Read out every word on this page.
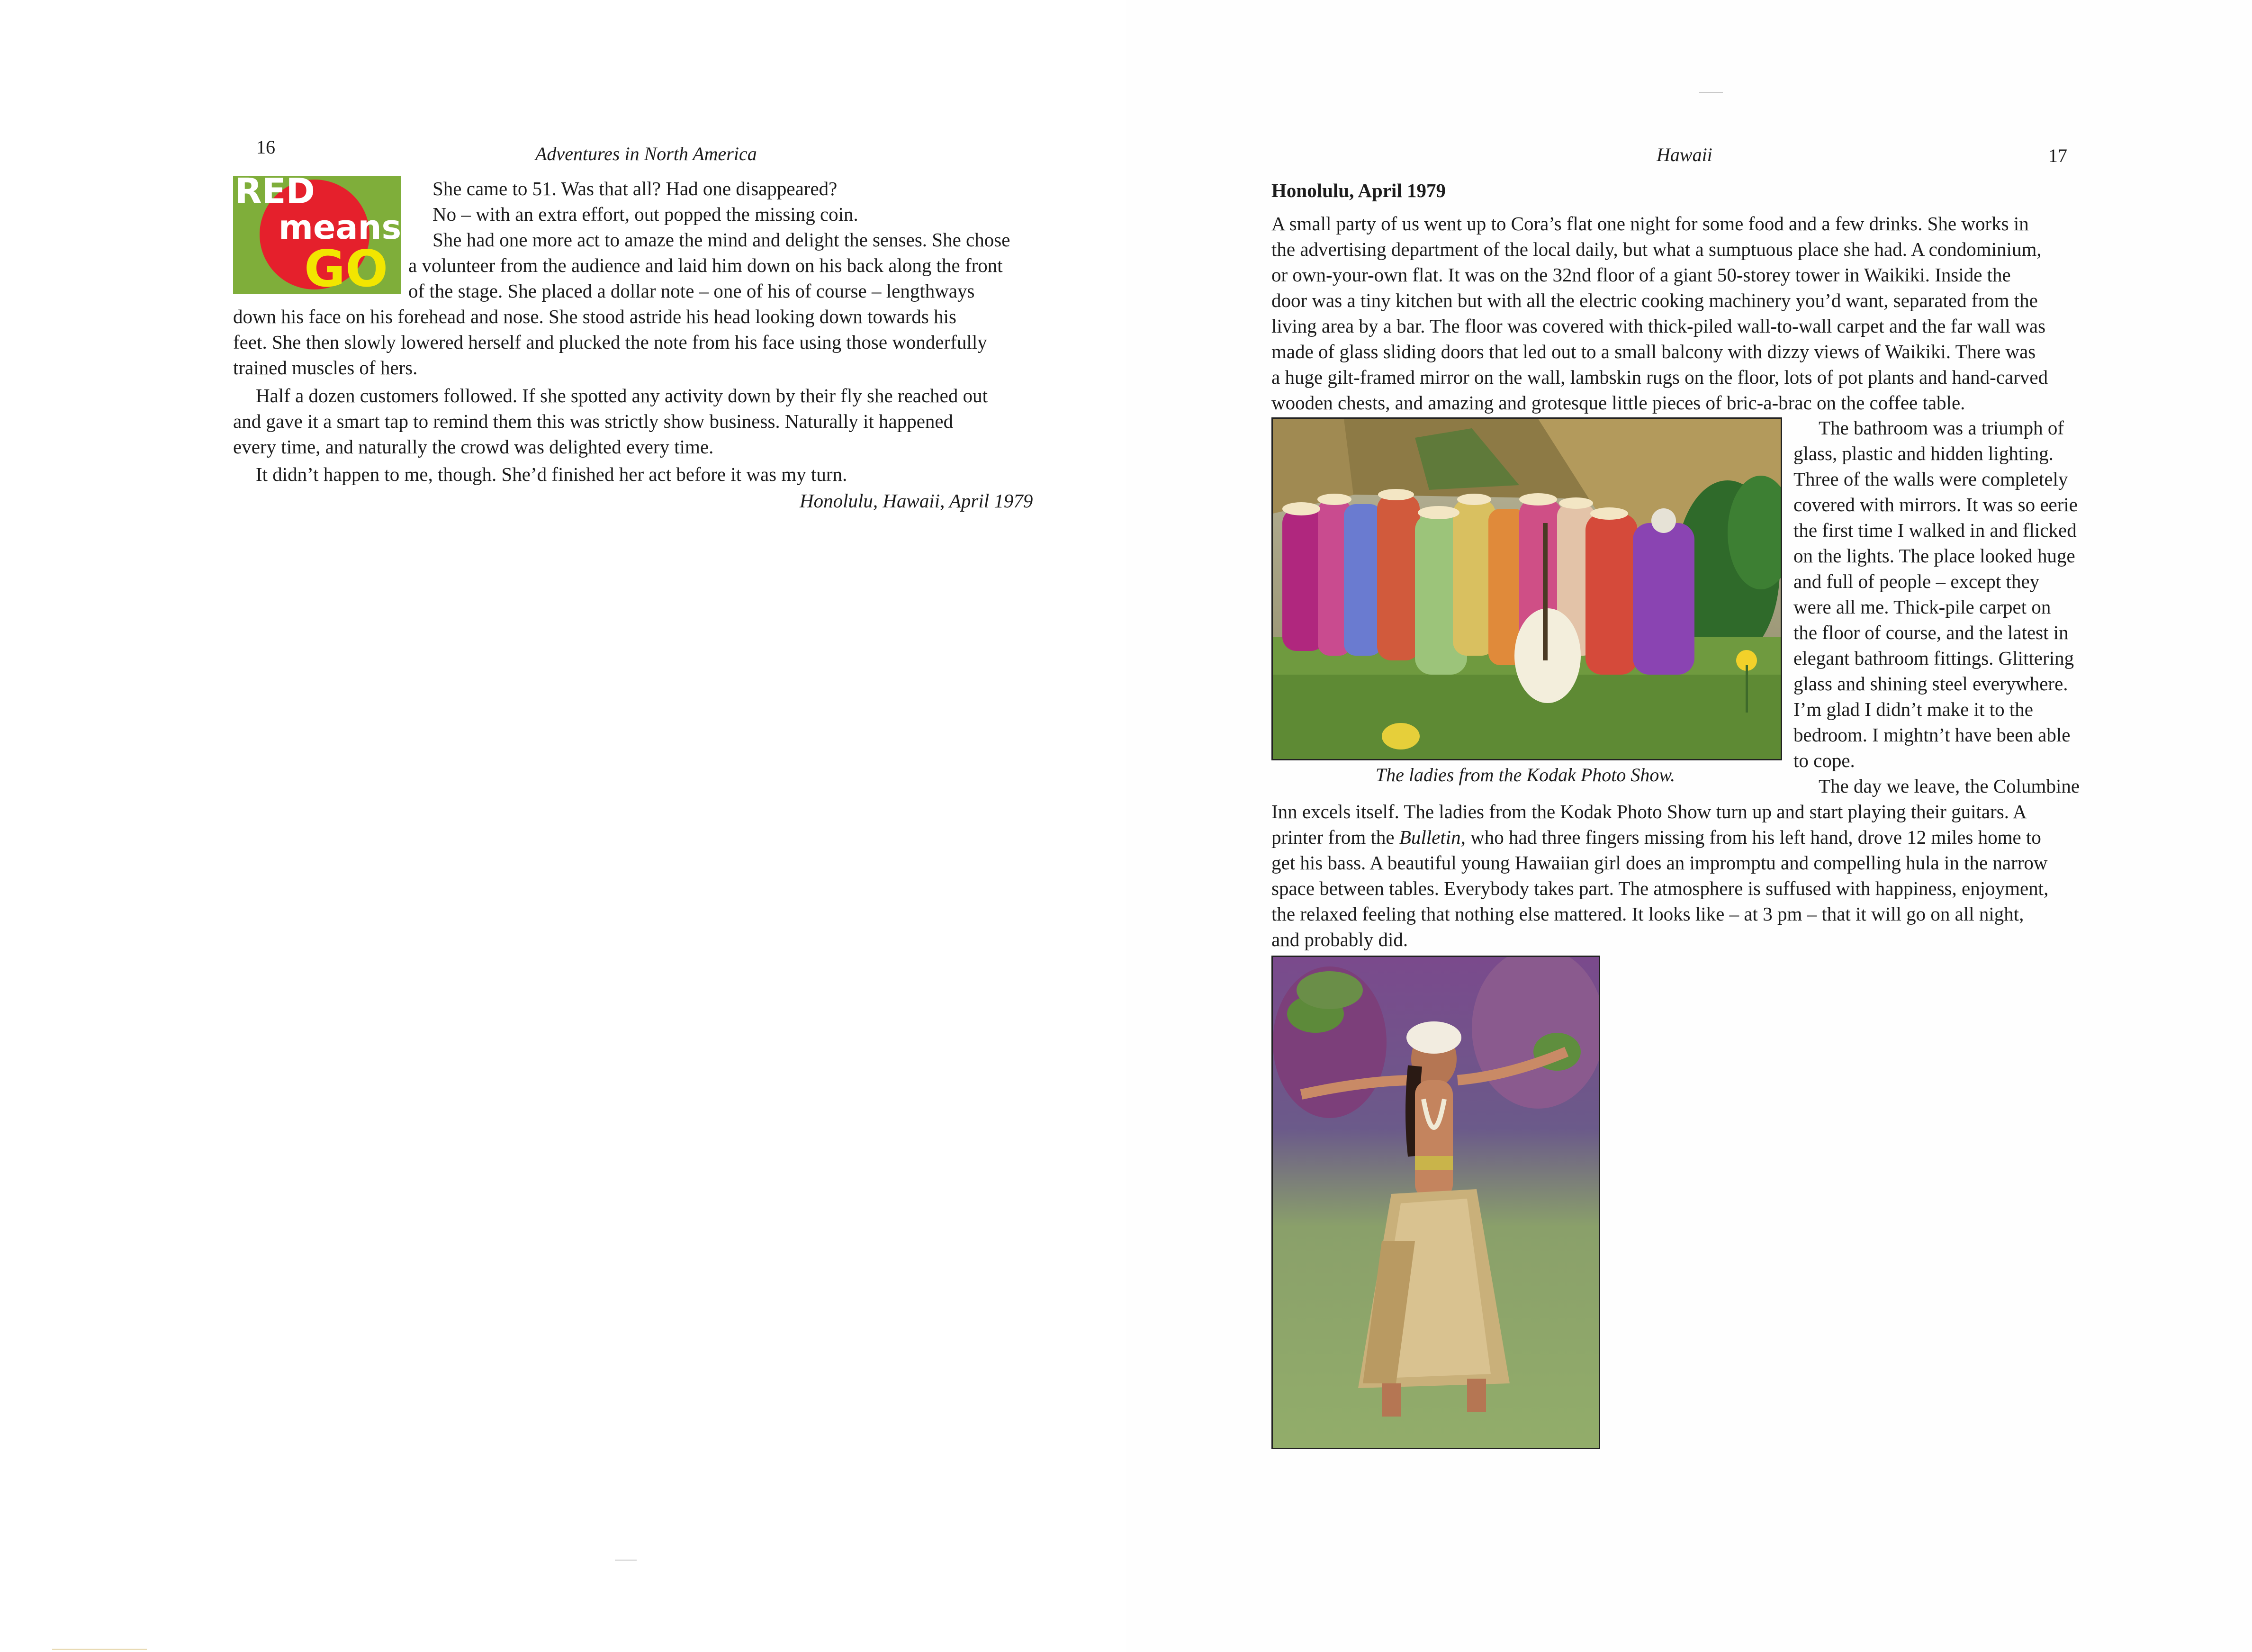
16	Adventures in North America
RED
means
GO

She came to 51. Was that all? Had one disappeared?

No – with an extra effort, out popped the missing coin.

She had one more act to amaze the mind and delight the senses. She chose

a volunteer from the audience and laid him down on his back along the front

of the stage. She placed a dollar note – one of his of course – lengthways

down his face on his forehead and nose. She stood astride his head looking down towards his

feet. She then slowly lowered herself and plucked the note from his face using those wonderfully

trained muscles of hers.

Half a dozen customers followed. If she spotted any activity down by their fly she reached out

and gave it a smart tap to remind them this was strictly show business. Naturally it happened

every time, and naturally the crowd was delighted every time.

It didn’t happen to me, though. She’d finished her act before it was my turn.

Honolulu, Hawaii, April 1979

Hawaii	17
Honolulu, April 1979

A small party of us went up to Cora’s flat one night for some food and a few drinks. She works in

the advertising department of the local daily, but what a sumptuous place she had. A condominium,

or own-your-own flat. It was on the 32nd floor of a giant 50-storey tower in Waikiki. Inside the

door was a tiny kitchen but with all the electric cooking machinery you’d want, separated from the

living area by a bar. The floor was covered with thick-piled wall-to-wall carpet and the far wall was

made of glass sliding doors that led out to a small balcony with dizzy views of Waikiki. There was

a huge gilt-framed mirror on the wall, lambskin rugs on the floor, lots of pot plants and hand-carved

wooden chests, and amazing and grotesque little pieces of bric-a-brac on the coffee table.

The ladies from the Kodak Photo Show.

The bathroom was a triumph of

glass, plastic and hidden lighting.

Three of the walls were completely

covered with mirrors. It was so eerie

the first time I walked in and flicked

on the lights. The place looked huge

and full of people – except they

were all me. Thick-pile carpet on

the floor of course, and the latest in

elegant bathroom fittings. Glittering

glass and shining steel everywhere.

I’m glad I didn’t make it to the

bedroom. I mightn’t have been able

to cope.

The day we leave, the Columbine

Inn excels itself. The ladies from the Kodak Photo Show turn up and start playing their guitars. A

printer from the Bulletin, who had three fingers missing from his left hand, drove 12 miles home to

get his bass. A beautiful young Hawaiian girl does an impromptu and compelling hula in the narrow

space between tables. Everybody takes part. The atmosphere is suffused with happiness, enjoyment,

the relaxed feeling that nothing else mattered. It looks like – at 3 pm – that it will go on all night,

and probably did.
